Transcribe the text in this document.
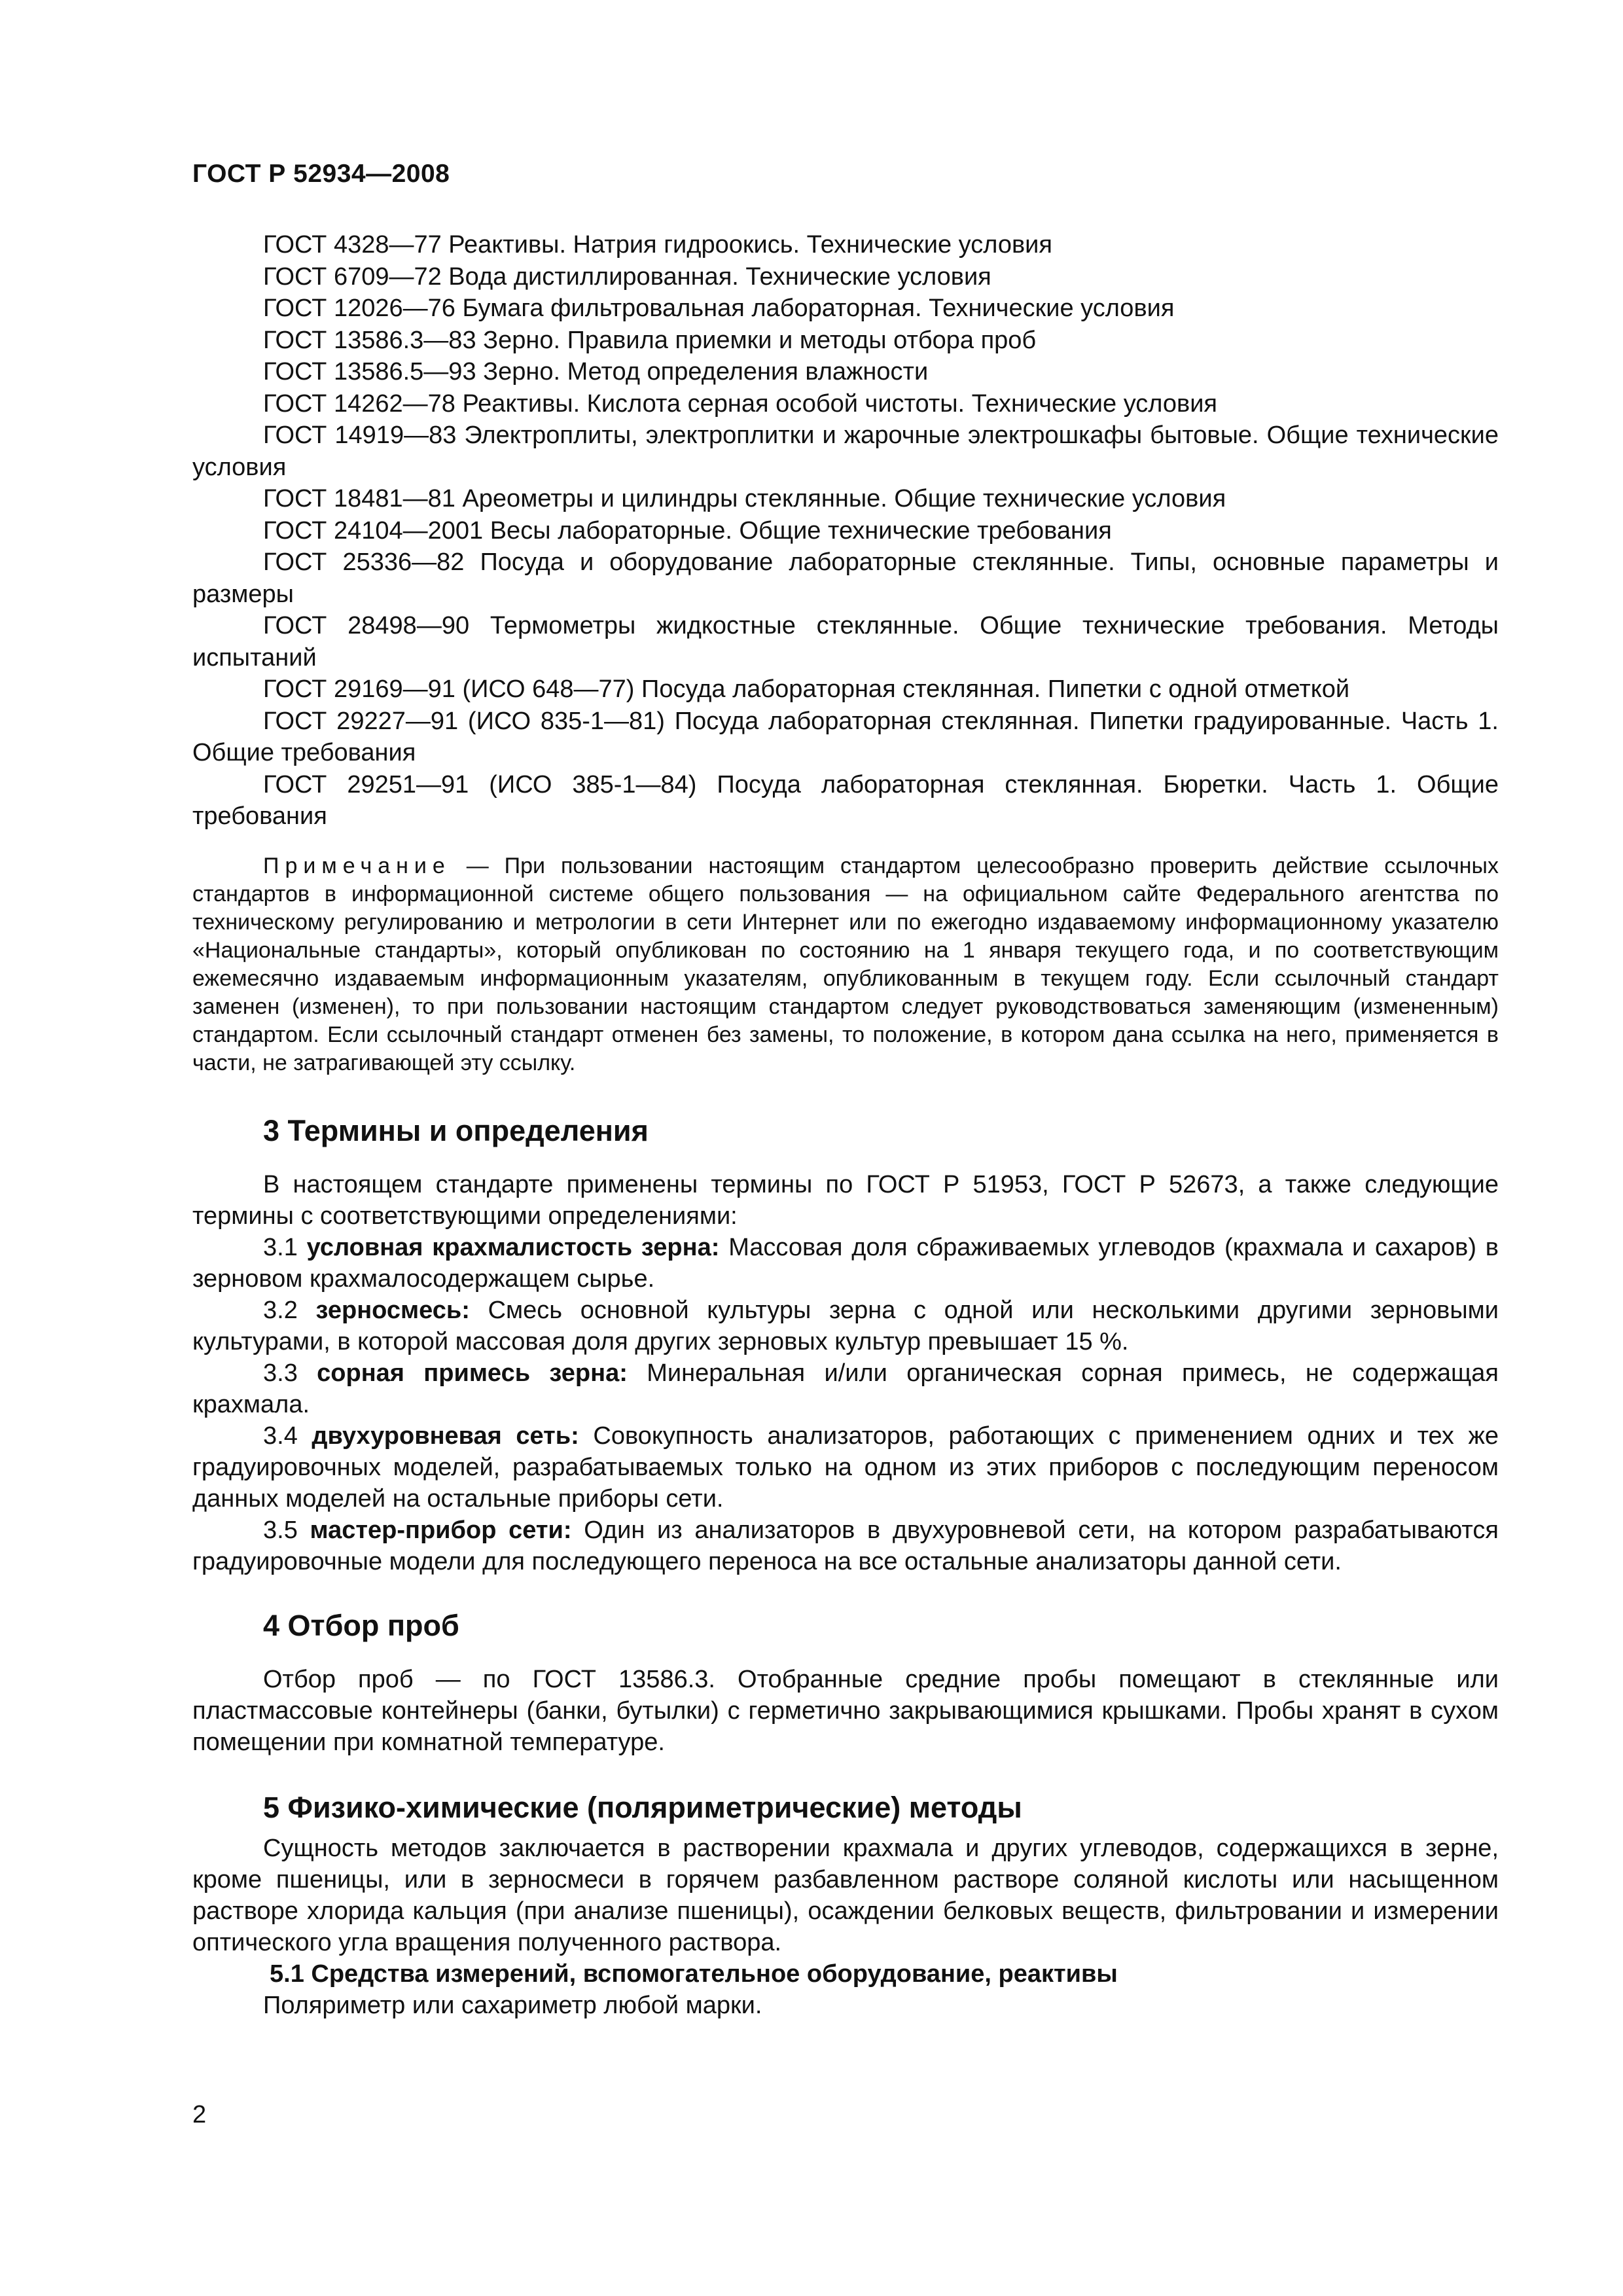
ГОСТ Р 52934—2008

ГОСТ 4328—77 Реактивы. Натрия гидроокись. Технические условия

ГОСТ 6709—72 Вода дистиллированная. Технические условия

ГОСТ 12026—76 Бумага фильтровальная лабораторная. Технические условия

ГОСТ 13586.3—83 Зерно. Правила приемки и методы отбора проб

ГОСТ 13586.5—93 Зерно. Метод определения влажности

ГОСТ 14262—78 Реактивы. Кислота серная особой чистоты. Технические условия

ГОСТ 14919—83 Электроплиты, электроплитки и жарочные электрошкафы бытовые. Общие технические условия

ГОСТ 18481—81 Ареометры и цилиндры стеклянные. Общие технические условия

ГОСТ 24104—2001 Весы лабораторные. Общие технические требования

ГОСТ 25336—82 Посуда и оборудование лабораторные стеклянные. Типы, основные параметры и размеры

ГОСТ 28498—90 Термометры жидкостные стеклянные. Общие технические требования. Методы испытаний

ГОСТ 29169—91 (ИСО 648—77) Посуда лабораторная стеклянная. Пипетки с одной отметкой

ГОСТ 29227—91 (ИСО 835-1—81) Посуда лабораторная стеклянная. Пипетки градуированные. Часть 1. Общие требования

ГОСТ 29251—91 (ИСО 385-1—84) Посуда лабораторная стеклянная. Бюретки. Часть 1. Общие требования

Примечание — При пользовании настоящим стандартом целесообразно проверить действие ссылочных стандартов в информационной системе общего пользования — на официальном сайте Федерального агентства по техническому регулированию и метрологии в сети Интернет или по ежегодно издаваемому информационному указателю «Национальные стандарты», который опубликован по состоянию на 1 января текущего года, и по соответствующим ежемесячно издаваемым информационным указателям, опубликованным в текущем году. Если ссылочный стандарт заменен (изменен), то при пользовании настоящим стандартом следует руководствоваться заменяющим (измененным) стандартом. Если ссылочный стандарт отменен без замены, то положение, в котором дана ссылка на него, применяется в части, не затрагивающей эту ссылку.

3 Термины и определения

В настоящем стандарте применены термины по ГОСТ Р 51953, ГОСТ Р 52673, а также следующие термины с соответствующими определениями:

3.1 условная крахмалистость зерна: Массовая доля сбраживаемых углеводов (крахмала и сахаров) в зерновом крахмалосодержащем сырье.

3.2 зерносмесь: Смесь основной культуры зерна с одной или несколькими другими зерновыми культурами, в которой массовая доля других зерновых культур превышает 15 %.

3.3 сорная примесь зерна: Минеральная и/или органическая сорная примесь, не содержащая крахмала.

3.4 двухуровневая сеть: Совокупность анализаторов, работающих с применением одних и тех же градуировочных моделей, разрабатываемых только на одном из этих приборов с последующим переносом данных моделей на остальные приборы сети.

3.5 мастер-прибор сети: Один из анализаторов в двухуровневой сети, на котором разрабатываются градуировочные модели для последующего переноса на все остальные анализаторы данной сети.

4 Отбор проб

Отбор проб — по ГОСТ 13586.3. Отобранные средние пробы помещают в стеклянные или пластмассовые контейнеры (банки, бутылки) с герметично закрывающимися крышками. Пробы хранят в сухом помещении при комнатной температуре.

5 Физико-химические (поляриметрические) методы

Сущность методов заключается в растворении крахмала и других углеводов, содержащихся в зерне, кроме пшеницы, или в зерносмеси в горячем разбавленном растворе соляной кислоты или насыщенном растворе хлорида кальция (при анализе пшеницы), осаждении белковых веществ, фильтровании и измерении оптического угла вращения полученного раствора.

5.1 Средства измерений, вспомогательное оборудование, реактивы

Поляриметр или сахариметр любой марки.

2
